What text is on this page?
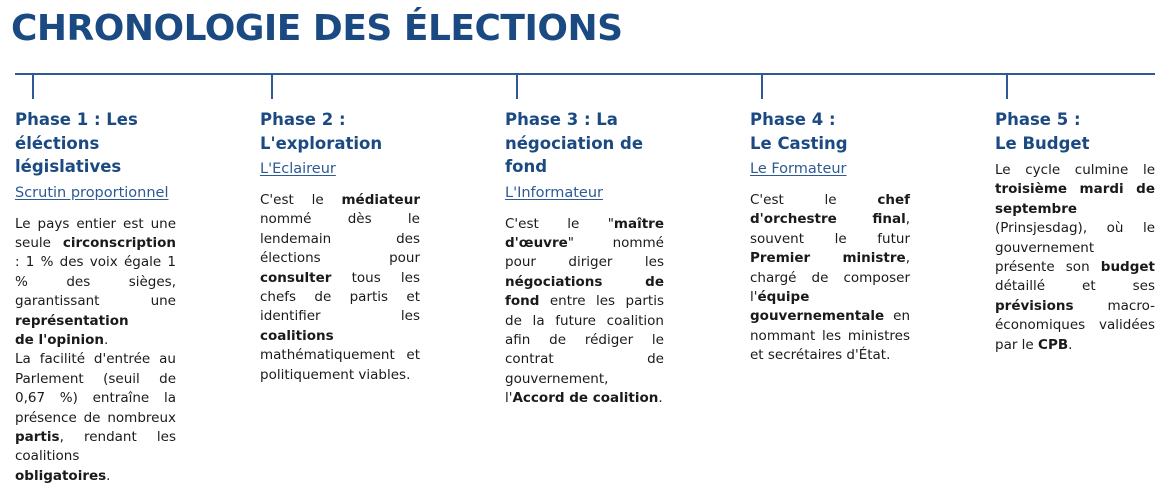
CHRONOLOGIE DES ÉLECTIONS
Phase 1 : Les
éléctions
législatives
Scrutin proportionnel
Le pays entier est une seule circonscription : 1 % des voix égale 1 % des sièges, garantissant une représentation
de l'opinion.
La facilité d'entrée au Parlement (seuil de 0,67 %) entraîne la présence de nombreux partis, rendant les coalitions obligatoires.
Phase 2 :
L'exploration
L'Eclaireur
C'est le médiateur nommé dès le lendemain des élections pour consulter tous les chefs de partis et identifier les coalitions mathématiquement et politiquement viables.
Phase 3 : La
négociation de
fond
L'Informateur
C'est le "maître d'œuvre" nommé pour diriger les négociations de fond entre les partis de la future coalition afin de rédiger le contrat de gouvernement, l'Accord de coalition.
Phase 4 :
Le Casting
Le Formateur
C'est le chef d'orchestre final, souvent le futur Premier ministre, chargé de composer l'équipe gouvernementale en nommant les ministres et secrétaires d'État.
Phase 5 :
Le Budget
Le cycle culmine le troisième mardi de septembre (Prinsjesdag), où le gouvernement présente son budget détaillé et ses prévisions macro-économiques validées par le CPB.
